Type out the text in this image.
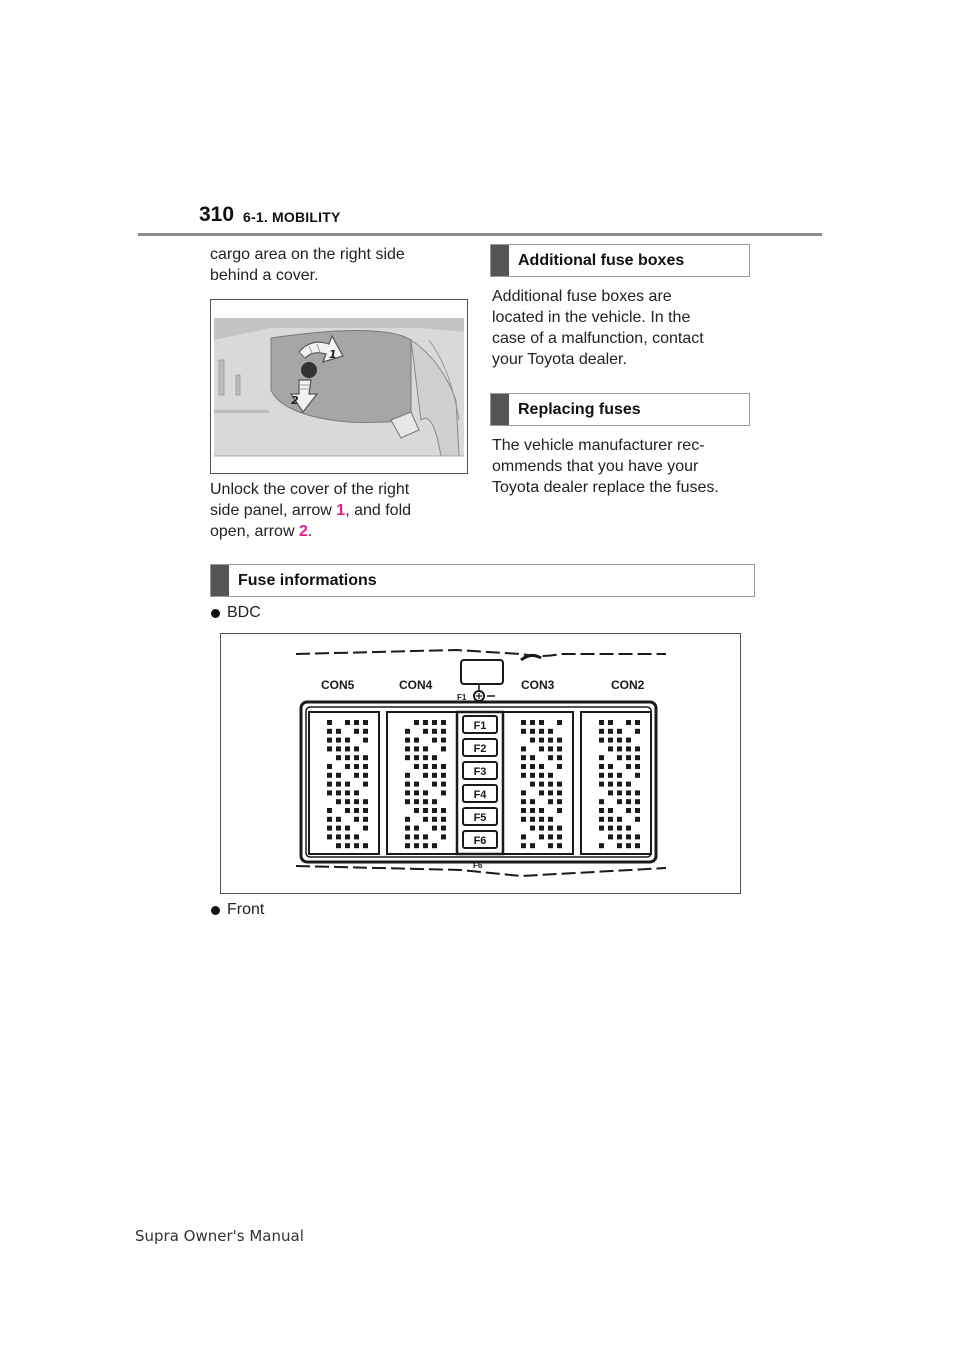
310 6-1. MOBILITY
cargo area on the right side
behind a cover.
1
2
Unlock the cover of the right
side panel, arrow 1, and fold
open, arrow 2.
Additional fuse boxes
Additional fuse boxes are
located in the vehicle. In the
case of a malfunction, contact
your Toyota dealer.
Replacing fuses
The vehicle manufacturer rec-
ommends that you have your
Toyota dealer replace the fuses.
Fuse informations
BDC
CON5	CON4	CON3	CON2
F1
F6
F1
F2
F3
F4
F5
F6
Front
Supra Owner's Manual
